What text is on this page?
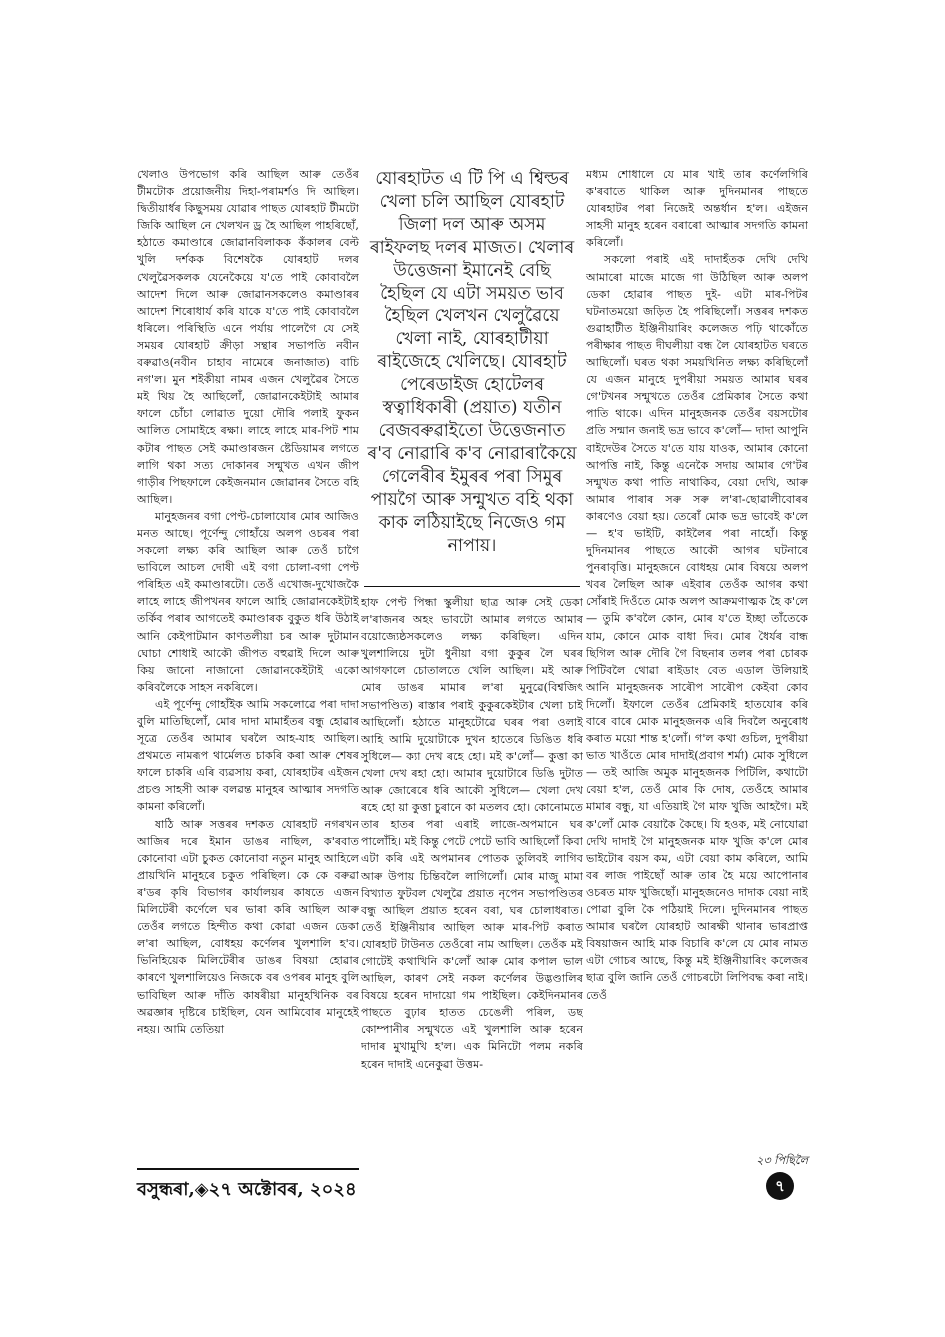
খেলাও উপভোগ কৰি আছিল আৰু তেওঁৰ টীমটোক প্ৰয়োজনীয় দিহা-পৰামৰ্শও দি আছিল। দ্বিতীয়াৰ্ধৰ কিছুসময় যোৱাৰ পাছত যোৰহাট টীমটো জিকি আছিল নে খেলখন ড্ৰ হৈ আছিল পাহৰিছোঁ, হঠাতে কমাণ্ডাৰে জোৱানবিলাকক কঁকালৰ বেল্ট খুলি দৰ্শকক বিশেষকৈ যোৰহাট দলৰ খেলুৱৈসকলক যেনেকৈয়ে য'তে পাই কোবাবলৈ আদেশ দিলে আৰু জোৱানসকলেও কমাণ্ডাৰৰ আদেশ শিৰোধাৰ্য কৰি যাকে য'তে পাই কোবাবলৈ ধৰিলে। পৰিস্থিতি এনে পৰ্যায় পালেগৈ যে সেই সময়ৰ যোৰহাট ক্ৰীড়া সন্থাৰ সভাপতি নবীন বৰুৱাও(নবীন চাহাব নামেৰে জনাজাত) বাচি নগ'ল। মুন শইকীয়া নামৰ এজন খেলুৱৈৰ সৈতে মই থিয় হৈ আছিলোঁ, জোৱানকেইটাই আমাৰ ফালে চোঁচা লোৱাত দুয়ো দৌৰি পলাই ফুকন আলিত সোমাইহে ৰক্ষা। লাহে লাহে মাৰ-পিট শাম কটাৰ পাছত সেই কমাণ্ডাৰজন ষ্টেডিয়ামৰ লগতে লাগি থকা সত্য দোকানৰ সন্মুখত এখন জীপ গাড়ীৰ পিছফালে কেইজনমান জোৱানৰ সৈতে বহি আছিল।

মানুহজনৰ বগা পেণ্ট-চোলাযোৰ মোৰ আজিও মনত আছে। পূৰ্ণেন্দু গোহাঁয়ে অলপ ওচৰৰ পৰা সকলো লক্ষ্য কৰি আছিল আৰু তেওঁ চাগৈ ভাবিলে আচল দোষী এই বগা চোলা-বগা পেণ্ট পৰিহিত এই কমাণ্ডাৰটো। তেওঁ এখোজ-দুখোজকৈ লাহে লাহে জীপখনৰ ফালে আহি জোৱানকেইটাই তৰ্কিব পৰাৰ আগতেই কমাণ্ডাৰক বুকুত ধৰি উঠাই আনি কেইপাটমান কাণতলীয়া চৰ আৰু দুটামান ঘোচা শোধাই আকৌ জীপত বহুৱাই দিলে আৰু কিয় জানো নাজানো জোৱানকেইটাই একো কৰিবলৈকে সাহস নকৰিলে।

এই পূৰ্ণেন্দু গোহাঁইক আমি সকলোৱে পৰা দাদা বুলি মাতিছিলোঁ, মোৰ দাদা মামাহঁতৰ বন্ধু হোৱাৰ সূত্ৰে তেওঁৰ আমাৰ ঘৰলৈ আহ-যাহ আছিল। প্ৰথমতে নামৰূপ থাৰ্মেলত চাকৰি কৰা আৰু শেষৰ ফালে চাকৰি এৰি ব্যৱসায় কৰা, যোৰহাটৰ এইজন প্ৰচণ্ড সাহসী আৰু বলৱন্ত মানুহৰ আত্মাৰ সদগতি কামনা কৰিলোঁ।

ষাঠি আৰু সত্তৰৰ দশকত যোৰহাট নগৰখন আজিৰ দৰে ইমান ডাঙৰ নাছিল, ক'ৰবাত কোনোবা এটা চুকত কোনোবা নতুন মানুহ আহিলে প্ৰায়খিনি মানুহৰে চকুত পৰিছিল। কে কে বৰুৱা ৰ'ডৰ কৃষি বিভাগৰ কাৰ্যালয়ৰ কাষতে এজন মিলিটেৰী কৰ্ণেলে ঘৰ ভাৰা কৰি আছিল আৰু তেওঁৰ লগতে হিন্দীত কথা কোৱা এজন ডেকা ল'ৰা আছিল, বোধহয় কৰ্ণেলৰ খুলশালি হ'ব। ভিনিহিয়েক মিলিটেৰীৰ ডাঙৰ বিষয়া হোৱাৰ কাৰণে খুলশালিয়েও নিজকে বৰ ওপৰৰ মানুহ বুলি ভাবিছিল আৰু দাঁতি কাষৰীয়া মানুহখিনিক বৰ অৱজ্ঞাৰ দৃষ্টিৰে চাইছিল, যেন আমিবোৰ মানুহেই নহয়। আমি তেতিয়া

যোৰহাটত এ টি পি এ শ্বিল্ডৰ
খেলা চলি আছিল যোৰহাট
জিলা দল আৰু অসম
ৰাইফলছ দলৰ মাজত। খেলাৰ
উত্তেজনা ইমানেই বেছি
হৈছিল যে এটা সময়ত ভাব
হৈছিল খেলখন খেলুৱৈয়ে
খেলা নাই, যোৰহাটীয়া
ৰাইজেহে খেলিছে। যোৰহাট
পেৰেডাইজ হোটেলৰ
স্বত্বাধিকাৰী (প্ৰয়াত) যতীন
বেজবৰুৱাইতো উত্তেজনাত
ৰ'ব নোৱাৰি ক'ব নোৱাৰাকৈয়ে
গেলেৰীৰ ইমুৰৰ পৰা সিমুৰ
পায়গৈ আৰু সন্মুখত বহি থকা
কাক লঠিয়াইছে নিজেও গম
নাপায়।

হাফ পেণ্ট পিন্ধা স্কুলীয়া ছাত্ৰ আৰু সেই ডেকা ল'ৰাজনৰ অহং ভাবটো আমাৰ লগতে আমাৰ বয়োজ্যেষ্ঠসকলেও লক্ষ্য কৰিছিল। এদিন খুলশালিয়ে দুটা ধুনীয়া বগা কুকুৰ লৈ ঘৰৰ আগফালে চোতালতে খেলি আছিল। মই আৰু মোৰ ডাঙৰ মামাৰ ল'ৰা মুনুৱে(বিশ্বজিৎ সভাপণ্ডিত) ৰাস্তাৰ পৰাই কুকুৰকেইটাৰ খেলা চাই আছিলোঁ। হঠাতে মানুহটোৱে ঘৰৰ পৰা ওলাই আহি আমি দুয়োটাকে দুখন হাতেৰে ডিঙিত ধৰি সুধিলে— ক্যা দেখ ৰহে হো। মই ক'লোঁ— কুত্তা কা খেলা দেখ ৰহা হো। আমাৰ দুয়োটাৰে ডিঙি দুটাত আৰু জোৰেৰে ধৰি আকৌ সুধিলে— খেলা দেখ ৰহে হো য়া কুত্তা চুৰানে কা মতলব হো। কোনোমতে তাৰ হাতৰ পৰা এৰাই লাজে-অপমানে ঘৰ পালোঁহি। মই কিন্তু পেটে পেটে ভাবি আছিলোঁ কিবা এটা কৰি এই অপমানৰ পোতক তুলিবই লাগিব আৰু উপায় চিন্তিবলৈ লাগিলোঁ। মোৰ মাজু মামা বিখ্যাত ফুটবল খেলুৱৈ প্ৰয়াত নৃপেন সভাপণ্ডিতৰ বন্ধু আছিল প্ৰয়াত হৰেন বৰা, ঘৰ চোলাধৰাত। তেওঁ ইঞ্জিনীয়াৰ আছিল আৰু মাৰ-পিট কৰাত যোৰহাট টাউনত তেওঁৰো নাম আছিল। তেওঁক মই গোটেই কথাখিনি ক'লোঁ আৰু মোৰ কপাল ভাল আছিল, কাৰণ সেই নকল কৰ্ণেলৰ উদ্ভণ্ডালিৰ বিষয়ে হৰেন দাদায়ো গম পাইছিল। কেইদিনমানৰ পাছতে বুঢ়াৰ হাতত চেঙেলী পৰিল, ডছ কোম্পানীৰ সন্মুখতে এই খুলশালি আৰু হৰেন দাদাৰ মুখামুখি হ'ল। এক মিনিটো পলম নকৰি হৰেন দাদাই এনেকুৱা উত্তম-

মধ্যম শোধালে যে মাৰ খাই তাৰ কৰ্ণেলগিৰি ক'ৰবাতে থাকিল আৰু দুদিনমানৰ পাছতে যোৰহাটৰ পৰা নিজেই অন্তৰ্ধান হ'ল। এইজন সাহসী মানুহ হৰেন বৰাৰো আত্মাৰ সদগতি কামনা কৰিলোঁ।

সকলো পৰাই এই দাদাহঁতক দেখি দেখি আমাৰো মাজে মাজে গা উঠিছিল আৰু অলপ ডেকা হোৱাৰ পাছত দুই- এটা মাৰ-পিটৰ ঘটনাতময়ো জড়িত হৈ পৰিছিলোঁ। সত্তৰৰ দশকত গুৱাহাটীত ইঞ্জিনীয়াৰিং কলেজত পঢ়ি থাকোঁতে পৰীক্ষাৰ পাছত দীঘলীয়া বন্ধ লৈ যোৰহাটত ঘৰতে আছিলোঁ। ঘৰত থকা সময়খিনিত লক্ষ্য কৰিছিলোঁ যে এজন মানুহে দুপৰীয়া সময়ত আমাৰ ঘৰৰ গে'টখনৰ সন্মুখতে তেওঁৰ প্ৰেমিকাৰ সৈতে কথা পাতি থাকে। এদিন মানুহজনক তেওঁৰ বয়সটোৰ প্ৰতি সন্মান জনাই ভদ্ৰ ভাবে ক'লোঁ— দাদা আপুনি বাইদেউৰ সৈতে য'তে যায় যাওক, আমাৰ কোনো আপত্তি নাই, কিন্তু এনেকৈ সদায় আমাৰ গে'টৰ সন্মুখত কথা পাতি নাথাকিব, বেয়া দেখি, আৰু আমাৰ পাৰাৰ সৰু সৰু ল'ৰা-ছোৱালীবোৰৰ কাৰণেও বেয়া হয়। তেৰোঁ মোক ভদ্ৰ ভাবেই ক'লে— হ'ব ভাইটি, কাইলৈৰ পৰা নাহোঁ। কিন্তু দুদিনমানৰ পাছতে আকৌ আগৰ ঘটনাৰে পুনৰাবৃত্তি। মানুহজনে বোধহয় মোৰ বিষয়ে অলপ খবৰ লৈছিল আৰু এইবাৰ তেওঁক আগৰ কথা সোঁৰাই দিওঁতে মোক অলপ আক্ৰমণাত্মক হৈ ক'লে— তুমি ক'বলৈ কোন, মোৰ য'তে ইচ্ছা তাঁতেকে যাম, কোনে মোক বাধা দিব। মোৰ ধৈৰ্যৰ বান্ধ ছিগিল আৰু দৌৰি গৈ বিছনাৰ তলৰ পৰা চোৰক পিটিবলৈ থোৱা ৰাইডাং বেত এডাল উলিয়াই আনি মানুহজনক সাৰৌপ সাৰৌপ কেইবা কোব দিলোঁ। ইফালে তেওঁৰ প্ৰেমিকাই হাতযোৰ কৰি বাৰে বাৰে মোক মানুহজনক এৰি দিবলৈ অনুৰোধ কৰাত ময়ো শান্ত হ'লোঁ। গ'ল কথা গুচিল, দুপৰীয়া ভাত খাওঁতে মোৰ দাদাই(প্ৰবাগ শৰ্মা) মোক সুধিলে— তই আজি অমুক মানুহজনক পিটিলি, কথাটো বেয়া হ'ল, তেওঁ মোৰ কি দোষ, তেওঁহে আমাৰ মামাৰ বন্ধু, যা এতিয়াই গৈ মাফ খুজি আহগৈ। মই ক'লোঁ মোক বেয়াকৈ কৈছে। যি হওক, মই নোযোৱা দেখি দাদাই গৈ মানুহজনক মাফ খুজি ক'লে মোৰ ভাইটোৰ বয়স কম, এটা বেয়া কাম কৰিলে, আমি বৰ লাজ পাইছোঁ আৰু তাৰ হৈ ময়ে আপোনাৰ ওচৰত মাফ খুজিছোঁ। মানুহজনেও দাদাক বেয়া নাই পোৱা বুলি কৈ পঠিয়াই দিলে। দুদিনমানৰ পাছত আমাৰ ঘৰলৈ যোৰহাট আৰক্ষী থানাৰ ভাৰপ্ৰাপ্ত বিষয়াজন আহি মাক বিচাৰি ক'লে যে মোৰ নামত এটা গোচৰ আছে, কিন্তু মই ইঞ্জিনীয়াৰিং কলেজৰ ছাত্ৰ বুলি জানি তেওঁ গোচৰটো লিপিবদ্ধ কৰা নাই। তেওঁ

২৩ পিছিলৈ
বসুন্ধৰা,◈২৭ অক্টোবৰ, ২০২৪	৭
